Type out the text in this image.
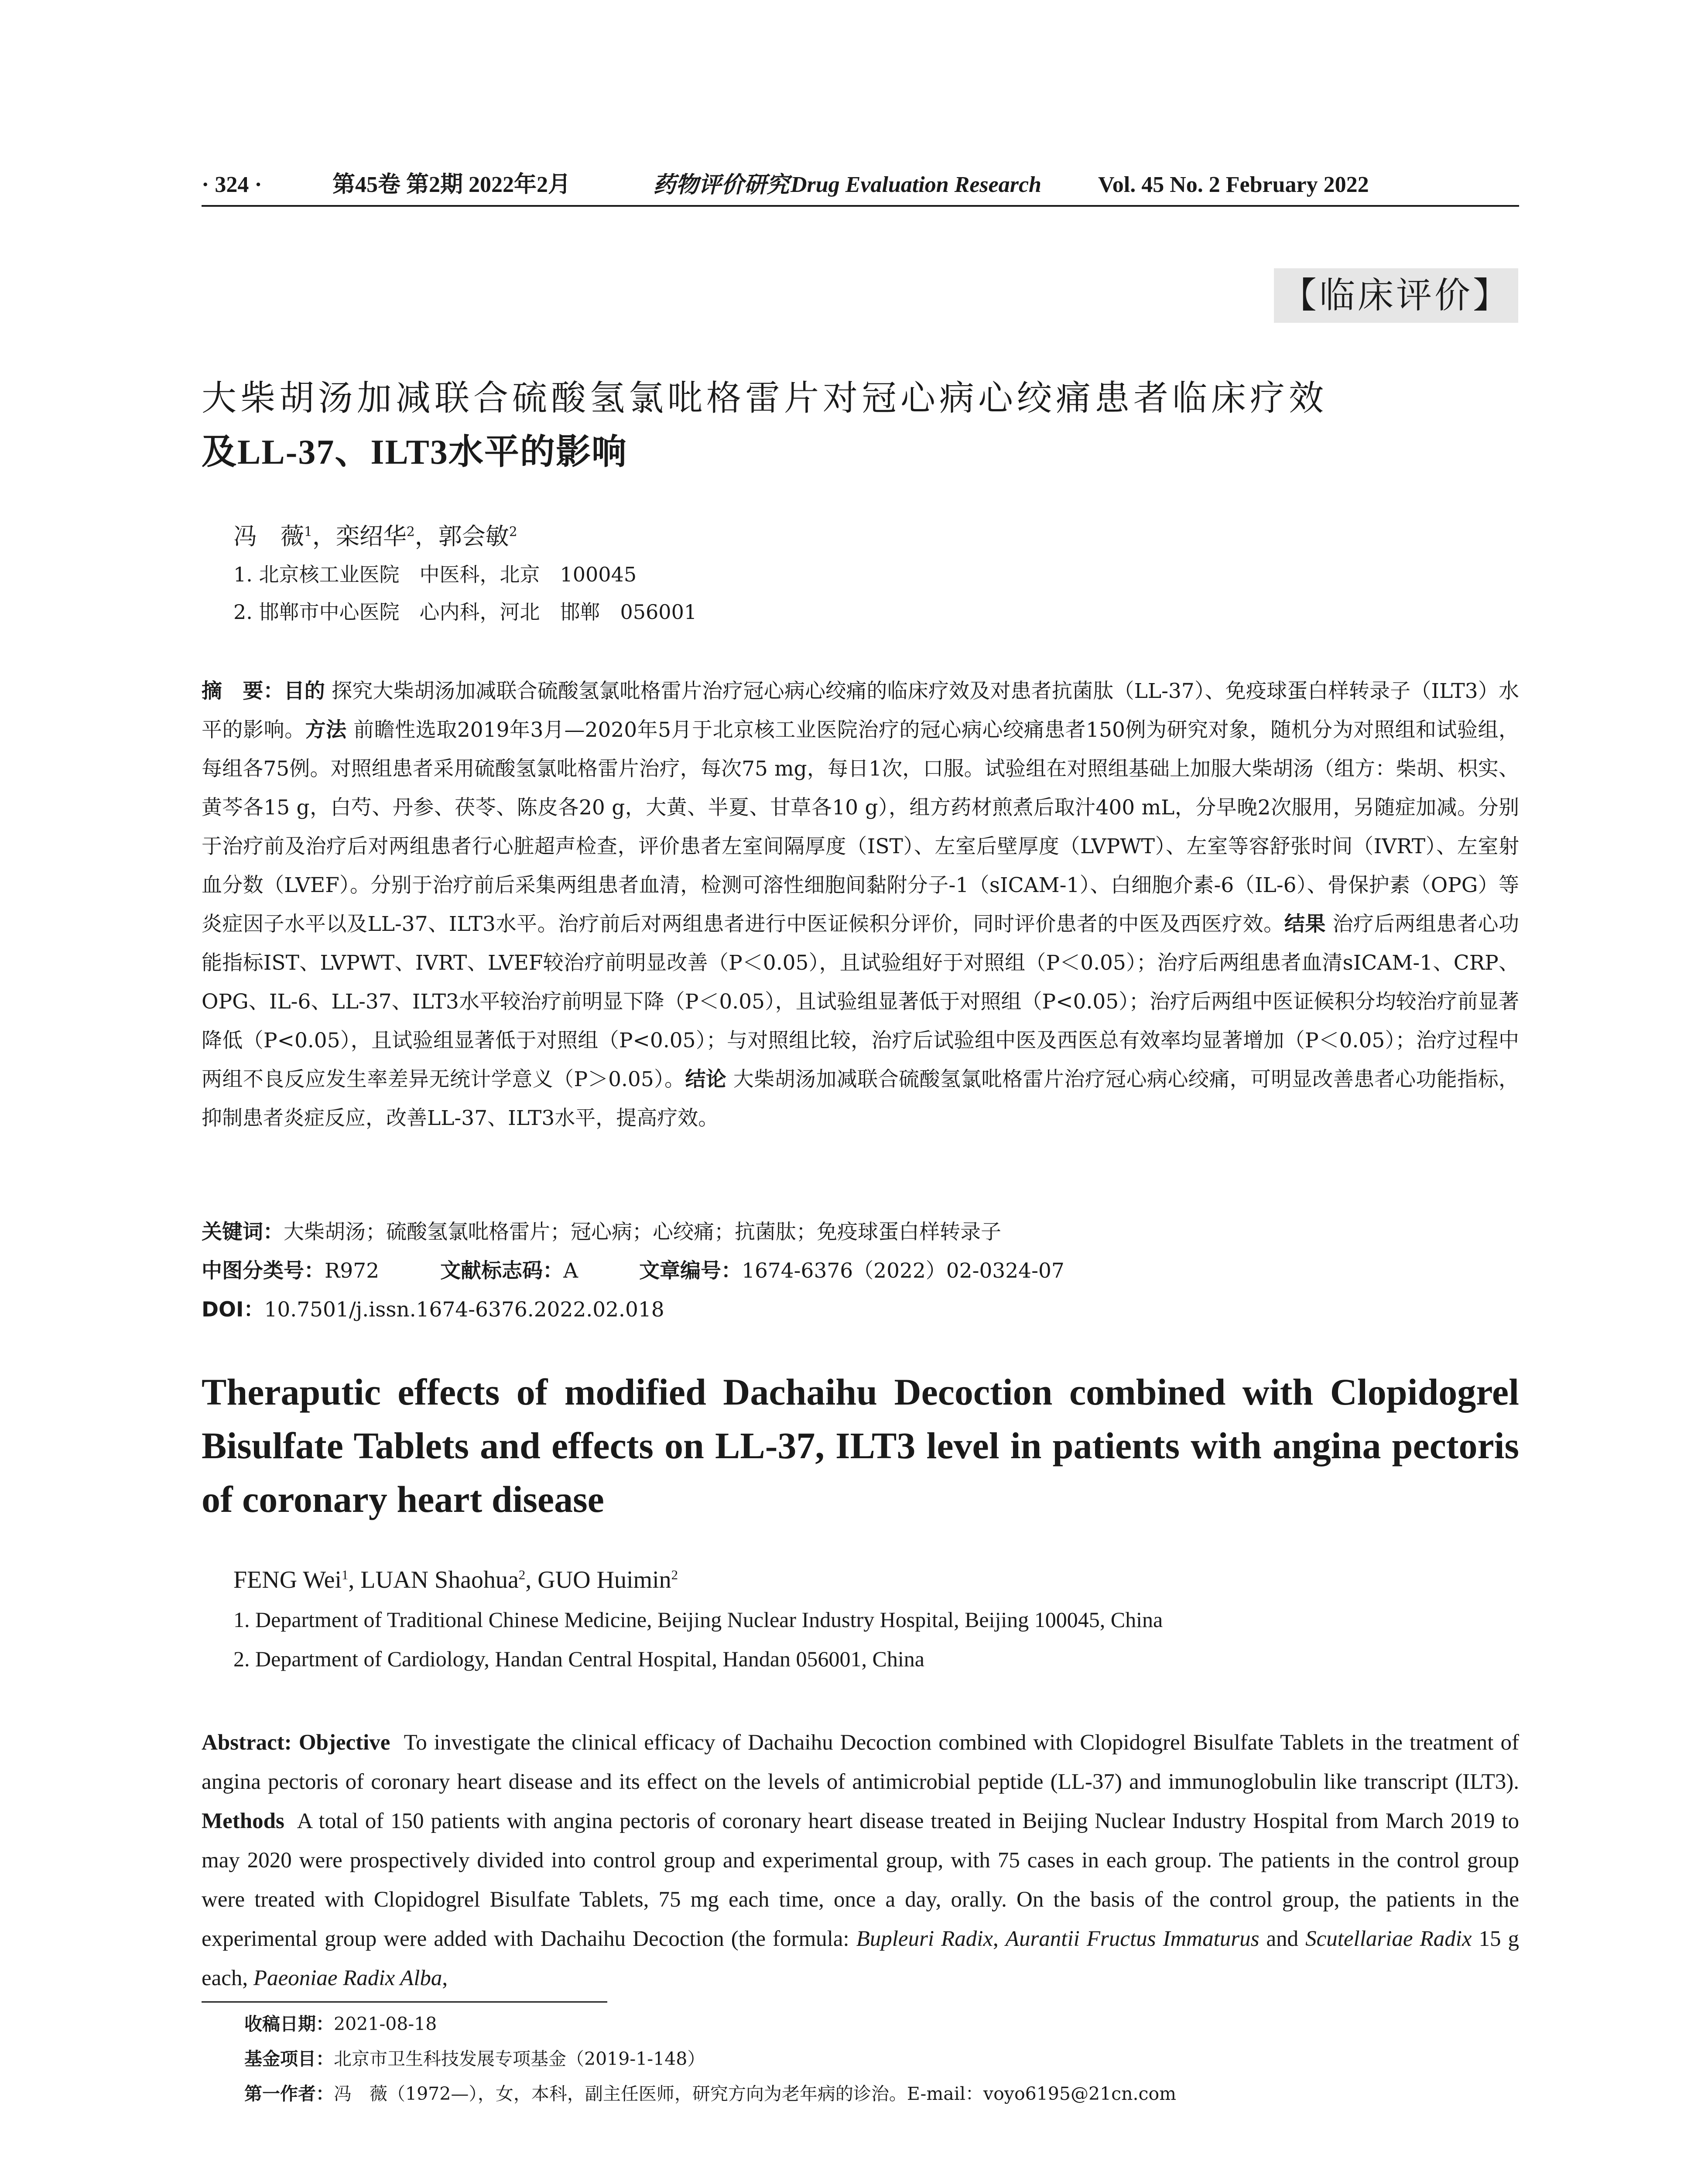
· 324 ·	第45卷 第2期 2022年2月	药物评价研究 Drug Evaluation Research	Vol. 45 No. 2 February 2022
【临床评价】
大柴胡汤加减联合硫酸氢氯吡格雷片对冠心病心绞痛患者临床疗效
及LL-37、ILT3水平的影响
冯　薇$^1$，栾绍华$^2$，郭会敏$^2$
1. 北京核工业医院　中医科，北京　100045
2. 邯郸市中心医院　心内科，河北　邯郸　056001
摘　要：目的 探究大柴胡汤加减联合硫酸氢氯吡格雷片治疗冠心病心绞痛的临床疗效及对患者抗菌肽（LL-37）、免疫球蛋白样转录子（ILT3）水平的影响。方法 前瞻性选取2019年3月—2020年5月于北京核工业医院治疗的冠心病心绞痛患者150例为研究对象，随机分为对照组和试验组，每组各75例。对照组患者采用硫酸氢氯吡格雷片治疗，每次75 mg，每日1次，口服。试验组在对照组基础上加服大柴胡汤（组方：柴胡、枳实、黄芩各15 g，白芍、丹参、茯苓、陈皮各20 g，大黄、半夏、甘草各10 g），组方药材煎煮后取汁400 mL，分早晚2次服用，另随症加减。分别于治疗前及治疗后对两组患者行心脏超声检查，评价患者左室间隔厚度（IST）、左室后壁厚度（LVPWT）、左室等容舒张时间（IVRT）、左室射血分数（LVEF）。分别于治疗前后采集两组患者血清，检测可溶性细胞间黏附分子-1（sICAM-1）、白细胞介素-6（IL-6）、骨保护素（OPG）等炎症因子水平以及LL-37、ILT3水平。治疗前后对两组患者进行中医证候积分评价，同时评价患者的中医及西医疗效。结果 治疗后两组患者心功能指标IST、LVPWT、IVRT、LVEF较治疗前明显改善（P＜0.05），且试验组好于对照组（P＜0.05）；治疗后两组患者血清sICAM-1、CRP、OPG、IL-6、LL-37、ILT3水平较治疗前明显下降（P＜0.05），且试验组显著低于对照组（P<0.05）；治疗后两组中医证候积分均较治疗前显著降低（P<0.05），且试验组显著低于对照组（P<0.05）；与对照组比较，治疗后试验组中医及西医总有效率均显著增加（P＜0.05）；治疗过程中两组不良反应发生率差异无统计学意义（P＞0.05）。结论 大柴胡汤加减联合硫酸氢氯吡格雷片治疗冠心病心绞痛，可明显改善患者心功能指标，抑制患者炎症反应，改善LL-37、ILT3水平，提高疗效。
关键词：大柴胡汤；硫酸氢氯吡格雷片；冠心病；心绞痛；抗菌肽；免疫球蛋白样转录子
中图分类号：R972	文献标志码：A	文章编号：1674-6376（2022）02-0324-07
DOI：10.7501/j.issn.1674-6376.2022.02.018
Theraputic effects of modified Dachaihu Decoction combined with Clopidogrel Bisulfate Tablets and effects on LL-37, ILT3 level in patients with angina pectoris of coronary heart disease
FENG Wei$^1$, LUAN Shaohua$^2$, GUO Huimin$^2$
1. Department of Traditional Chinese Medicine, Beijing Nuclear Industry Hospital, Beijing 100045, China
2. Department of Cardiology, Handan Central Hospital, Handan 056001, China
Abstract: Objective To investigate the clinical efficacy of Dachaihu Decoction combined with Clopidogrel Bisulfate Tablets in the treatment of angina pectoris of coronary heart disease and its effect on the levels of antimicrobial peptide (LL-37) and immunoglobulin like transcript (ILT3). Methods A total of 150 patients with angina pectoris of coronary heart disease treated in Beijing Nuclear Industry Hospital from March 2019 to may 2020 were prospectively divided into control group and experimental group, with 75 cases in each group. The patients in the control group were treated with Clopidogrel Bisulfate Tablets, 75 mg each time, once a day, orally. On the basis of the control group, the patients in the experimental group were added with Dachaihu Decoction (the formula: Bupleuri Radix, Aurantii Fructus Immaturus and Scutellariae Radix 15 g each, Paeoniae Radix Alba,
收稿日期：2021-08-18
基金项目：北京市卫生科技发展专项基金（2019-1-148）
第一作者：冯　薇（1972—），女，本科，副主任医师，研究方向为老年病的诊治。E-mail：voyo6195@21cn.com
